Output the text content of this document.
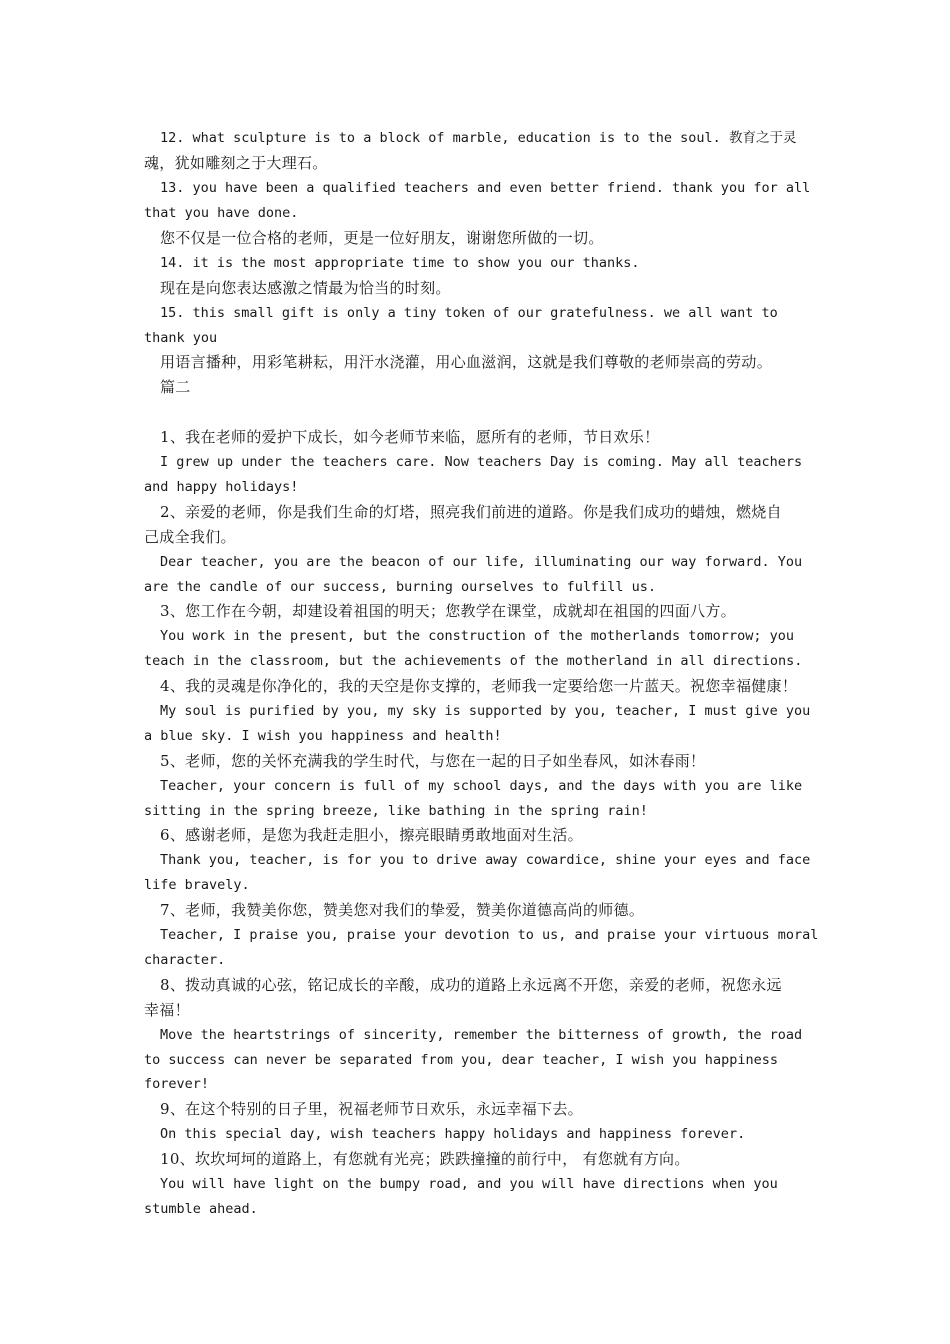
12. what sculpture is to a block of marble, education is to the soul. 教育之于灵
魂，犹如雕刻之于大理石。
13. you have been a qualified teachers and even better friend. thank you for all
that you have done.
您不仅是一位合格的老师，更是一位好朋友，谢谢您所做的一切。
14. it is the most appropriate time to show you our thanks.
现在是向您表达感激之情最为恰当的时刻。
15. this small gift is only a tiny token of our gratefulness. we all want to
thank you
用语言播种，用彩笔耕耘，用汗水浇灌，用心血滋润，这就是我们尊敬的老师崇高的劳动。
篇二
1、我在老师的爱护下成长，如今老师节来临，愿所有的老师，节日欢乐！
I grew up under the teachers care. Now teachers Day is coming. May all teachers
and happy holidays!
2、亲爱的老师，你是我们生命的灯塔，照亮我们前进的道路。你是我们成功的蜡烛，燃烧自
己成全我们。
Dear teacher, you are the beacon of our life, illuminating our way forward. You
are the candle of our success, burning ourselves to fulfill us.
3、您工作在今朝，却建设着祖国的明天；您教学在课堂，成就却在祖国的四面八方。
You work in the present, but the construction of the motherlands tomorrow; you
teach in the classroom, but the achievements of the motherland in all directions.
4、我的灵魂是你净化的，我的天空是你支撑的，老师我一定要给您一片蓝天。祝您幸福健康！
My soul is purified by you, my sky is supported by you, teacher, I must give you
a blue sky. I wish you happiness and health!
5、老师，您的关怀充满我的学生时代，与您在一起的日子如坐春风，如沐春雨！
Teacher, your concern is full of my school days, and the days with you are like
sitting in the spring breeze, like bathing in the spring rain!
6、感谢老师，是您为我赶走胆小，擦亮眼睛勇敢地面对生活。
Thank you, teacher, is for you to drive away cowardice, shine your eyes and face
life bravely.
7、老师，我赞美你您，赞美您对我们的挚爱，赞美你道德高尚的师德。
Teacher, I praise you, praise your devotion to us, and praise your virtuous moral
character.
8、拨动真诚的心弦，铭记成长的辛酸，成功的道路上永远离不开您，亲爱的老师，祝您永远
幸福！
Move the heartstrings of sincerity, remember the bitterness of growth, the road
to success can never be separated from you, dear teacher, I wish you happiness
forever!
9、在这个特别的日子里，祝福老师节日欢乐，永远幸福下去。
On this special day, wish teachers happy holidays and happiness forever.
10、坎坎坷坷的道路上，有您就有光亮；跌跌撞撞的前行中， 有您就有方向。
You will have light on the bumpy road, and you will have directions when you
stumble ahead.
